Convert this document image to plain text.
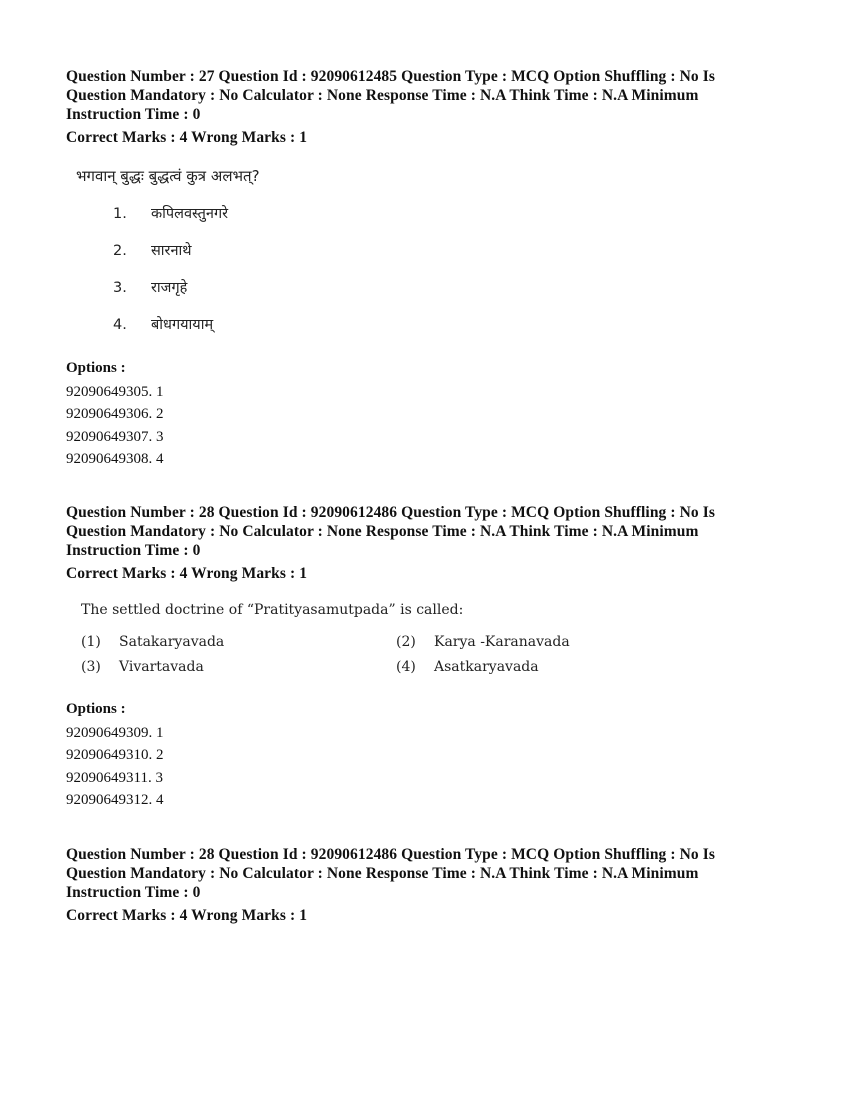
Question Number : 27 Question Id : 92090612485 Question Type : MCQ Option Shuffling : No Is

Question Mandatory : No Calculator : None Response Time : N.A Think Time : N.A Minimum

Instruction Time : 0

Correct Marks : 4 Wrong Marks : 1

भगवान् बुद्धः बुद्धत्वं कुत्र अलभत्?
1. कपिलवस्तुनगरे
2. सारनाथे
3. राजगृहे
4. बोधगयायाम्

Options :

92090649305. 1

92090649306. 2

92090649307. 3

92090649308. 4

Question Number : 28 Question Id : 92090612486 Question Type : MCQ Option Shuffling : No Is

Question Mandatory : No Calculator : None Response Time : N.A Think Time : N.A Minimum

Instruction Time : 0

Correct Marks : 4 Wrong Marks : 1

The settled doctrine of “Pratityasamutpada” is called:
(1) Satakaryavada	(2) Karya -Karanavada
(3) Vivartavada	(4) Asatkaryavada

Options :

92090649309. 1

92090649310. 2

92090649311. 3

92090649312. 4

Question Number : 28 Question Id : 92090612486 Question Type : MCQ Option Shuffling : No Is

Question Mandatory : No Calculator : None Response Time : N.A Think Time : N.A Minimum

Instruction Time : 0

Correct Marks : 4 Wrong Marks : 1
